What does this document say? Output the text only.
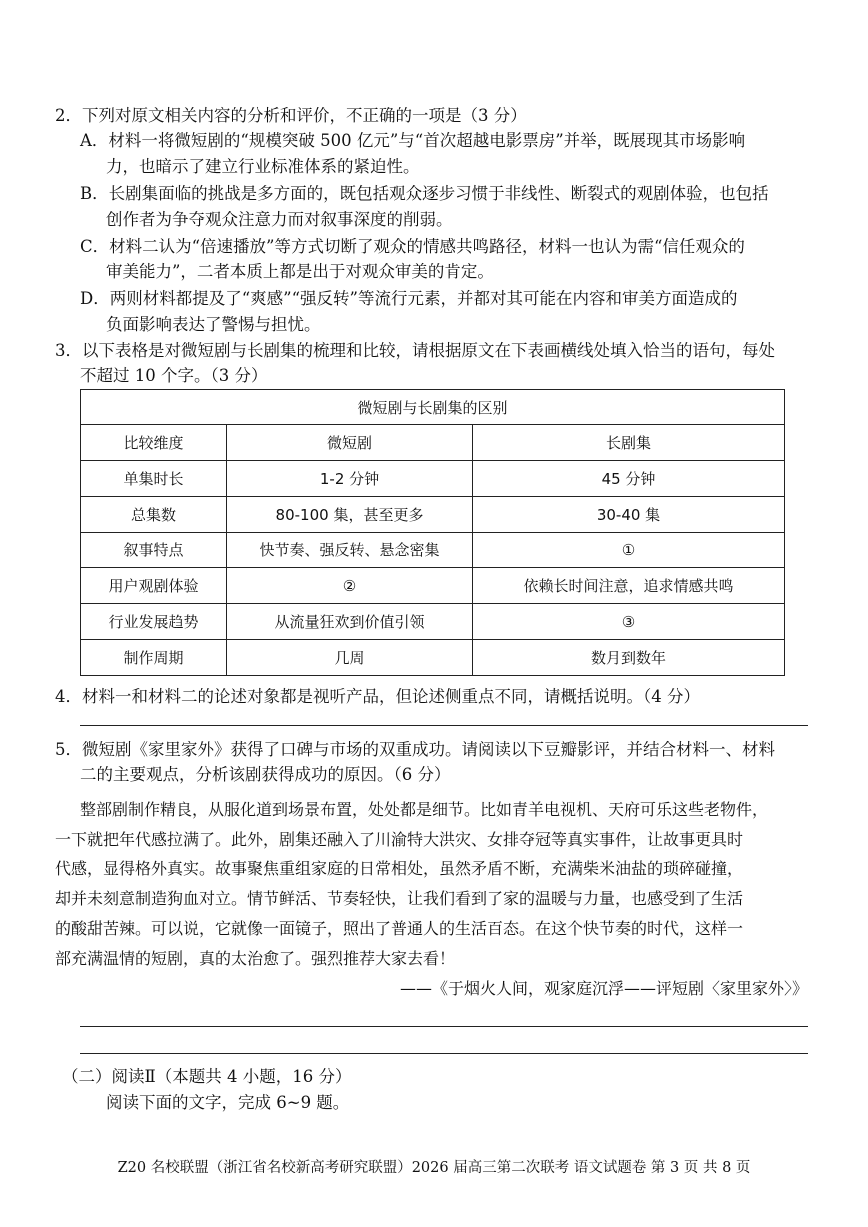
2．下列对原文相关内容的分析和评价，不正确的一项是（3 分）
A．材料一将微短剧的“规模突破 500 亿元”与“首次超越电影票房”并举，既展现其市场影响
力，也暗示了建立行业标准体系的紧迫性。
B．长剧集面临的挑战是多方面的，既包括观众逐步习惯于非线性、断裂式的观剧体验，也包括
创作者为争夺观众注意力而对叙事深度的削弱。
C．材料二认为“倍速播放”等方式切断了观众的情感共鸣路径，材料一也认为需“信任观众的
审美能力”，二者本质上都是出于对观众审美的肯定。
D．两则材料都提及了“爽感”“强反转”等流行元素，并都对其可能在内容和审美方面造成的
负面影响表达了警惕与担忧。
3．以下表格是对微短剧与长剧集的梳理和比较，请根据原文在下表画横线处填入恰当的语句，每处
不超过 10 个字。（3 分）
微短剧与长剧集的区别		
比较维度	微短剧	长剧集
单集时长	1-2 分钟	45 分钟
总集数	80-100 集，甚至更多	30-40 集
叙事特点	快节奏、强反转、悬念密集	①
用户观剧体验	②	依赖长时间注意，追求情感共鸣
行业发展趋势	从流量狂欢到价值引领	③
制作周期	几周	数月到数年
4．材料一和材料二的论述对象都是视听产品，但论述侧重点不同，请概括说明。（4 分）
5．微短剧《家里家外》获得了口碑与市场的双重成功。请阅读以下豆瓣影评，并结合材料一、材料
二的主要观点，分析该剧获得成功的原因。（6 分）
整部剧制作精良，从服化道到场景布置，处处都是细节。比如青羊电视机、天府可乐这些老物件，
一下就把年代感拉满了。此外，剧集还融入了川渝特大洪灾、女排夺冠等真实事件，让故事更具时
代感，显得格外真实。故事聚焦重组家庭的日常相处，虽然矛盾不断，充满柴米油盐的琐碎碰撞，
却并未刻意制造狗血对立。情节鲜活、节奏轻快，让我们看到了家的温暖与力量，也感受到了生活
的酸甜苦辣。可以说，它就像一面镜子，照出了普通人的生活百态。在这个快节奏的时代，这样一
部充满温情的短剧，真的太治愈了。强烈推荐大家去看！
——《于烟火人间，观家庭沉浮——评短剧〈家里家外〉》
（二）阅读Ⅱ（本题共 4 小题，16 分）
阅读下面的文字，完成 6~9 题。
Z20 名校联盟（浙江省名校新高考研究联盟）2026 届高三第二次联考 语文试题卷 第 3 页 共 8 页
